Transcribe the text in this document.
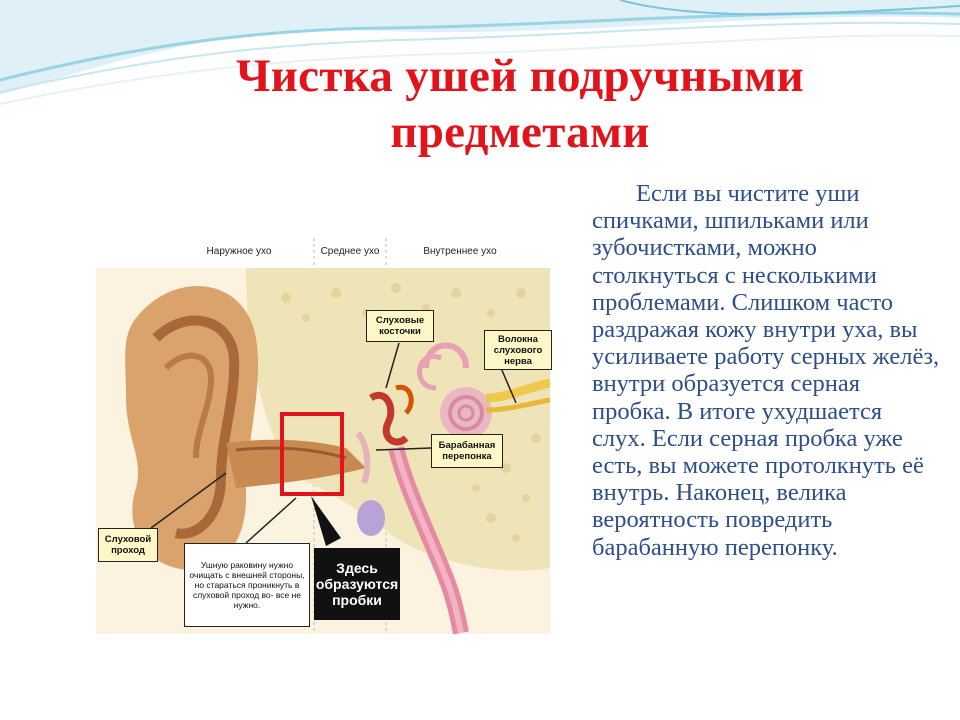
Чистка ушей подручными предметами
Если вы чистите уши спичками, шпильками или зубочистками, можно столкнуться с несколькими проблемами. Слишком часто раздражая кожу внутри уха, вы усиливаете работу серных желёз, внутри образуется серная пробка. В итоге ухудшается слух. Если серная пробка уже есть, вы можете протолкнуть её внутрь. Наконец, велика вероятность повредить барабанную перепонку.
Наружное ухо	Среднее ухо	Внутреннее ухо
Слуховые косточки
Волокна слухового нерва
Барабанная перепонка
Слуховой проход
Ушную раковину нужно очищать с внешней стороны, но стараться проникнуть в слуховой проход во- все не нужно.
Здесь образуются пробки
